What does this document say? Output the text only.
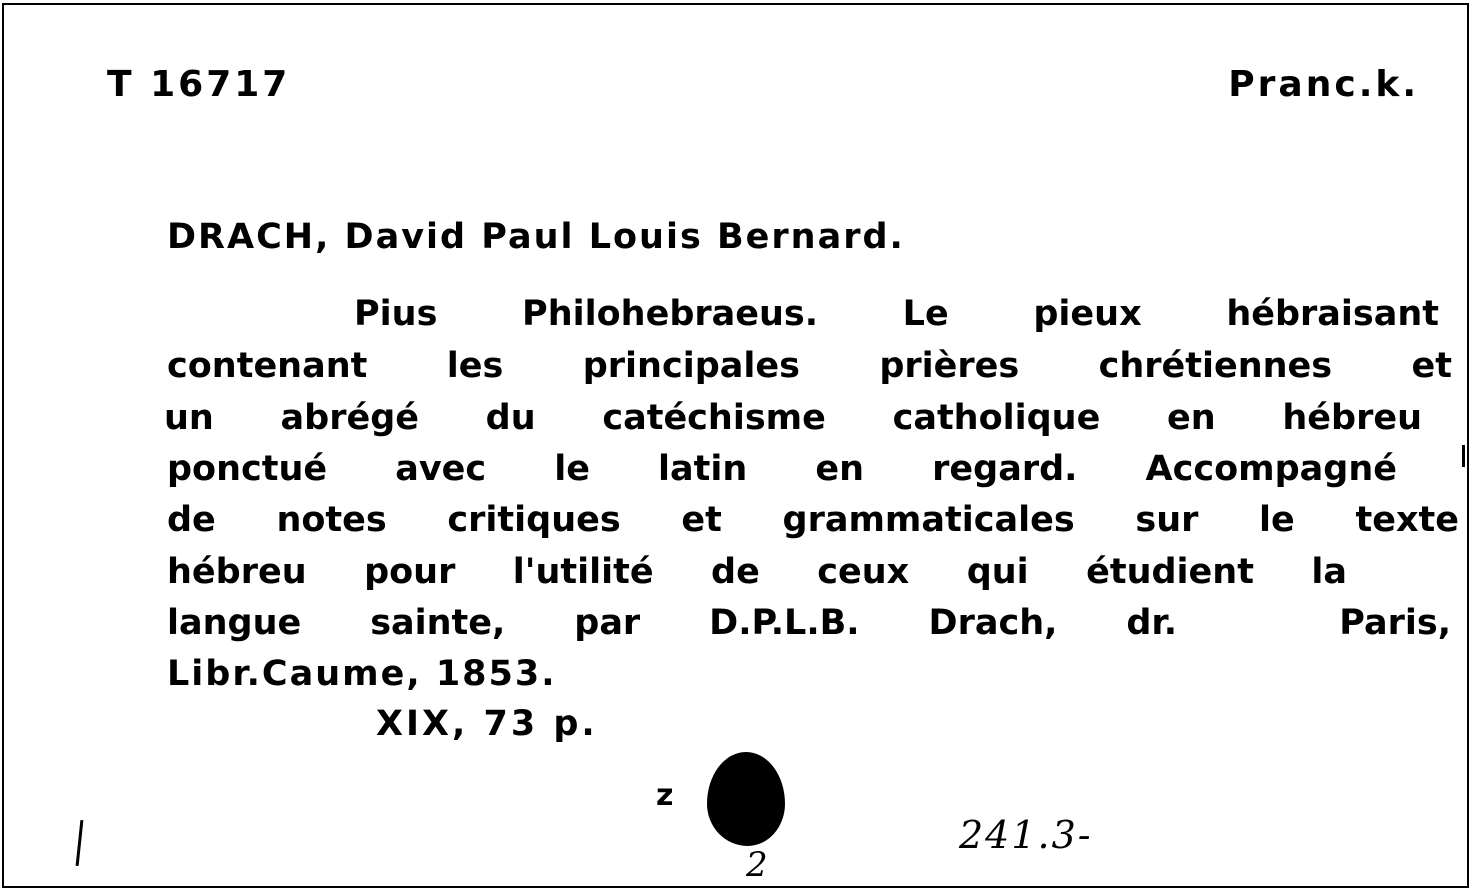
T 16717	Pranc.k.
DRACH, David Paul Louis Bernard.
Pius Philohebraeus. Le pieux hébraisant
contenant les principales prières chrétiennes et
un abrégé du catéchisme catholique en hébreu
ponctué avec le latin en regard. Accompagné
de notes critiques et grammaticales sur le texte
hébreu pour l'utilité de ceux qui étudient la
langue sainte, par D.P.L.B. Drach, dr.	Paris,
Libr.Caume, 1853.
XIX, 73 p.
z
241.3-
2
